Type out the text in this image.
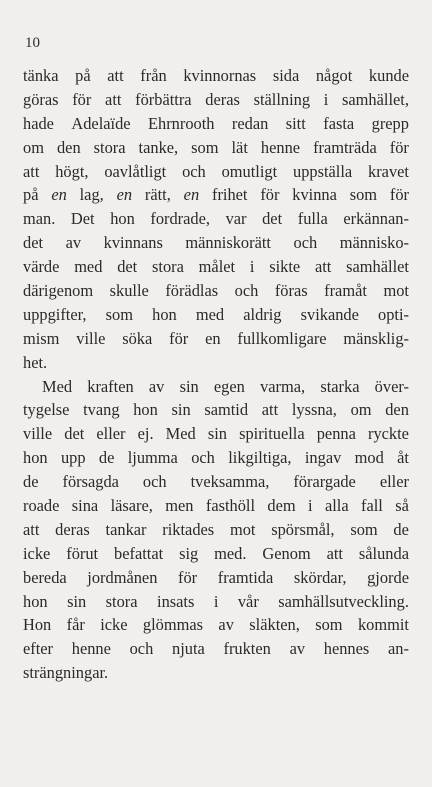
10
tänka på att från kvinnornas sida något kunde
göras för att förbättra deras ställning i samhället,
hade Adelaïde Ehrnrooth redan sitt fasta grepp
om den stora tanke, som lät henne framträda för
att högt, oavlåtligt och omutligt uppställa kravet
på en lag, en rätt, en frihet för kvinna som för
man. Det hon fordrade, var det fulla erkännan-
det av kvinnans människorätt och människo-
värde med det stora målet i sikte att samhället
därigenom skulle förädlas och föras framåt mot
uppgifter, som hon med aldrig svikande opti-
mism ville söka för en fullkomligare mänsklig-
het.
Med kraften av sin egen varma, starka över-
tygelse tvang hon sin samtid att lyssna, om den
ville det eller ej. Med sin spirituella penna ryckte
hon upp de ljumma och likgiltiga, ingav mod åt
de försagda och tveksamma, förargade eller
roade sina läsare, men fasthöll dem i alla fall så
att deras tankar riktades mot spörsmål, som de
icke förut befattat sig med. Genom att sålunda
bereda jordmånen för framtida skördar, gjorde
hon sin stora insats i vår samhällsutveckling.
Hon får icke glömmas av släkten, som kommit
efter henne och njuta frukten av hennes an-
strängningar.
